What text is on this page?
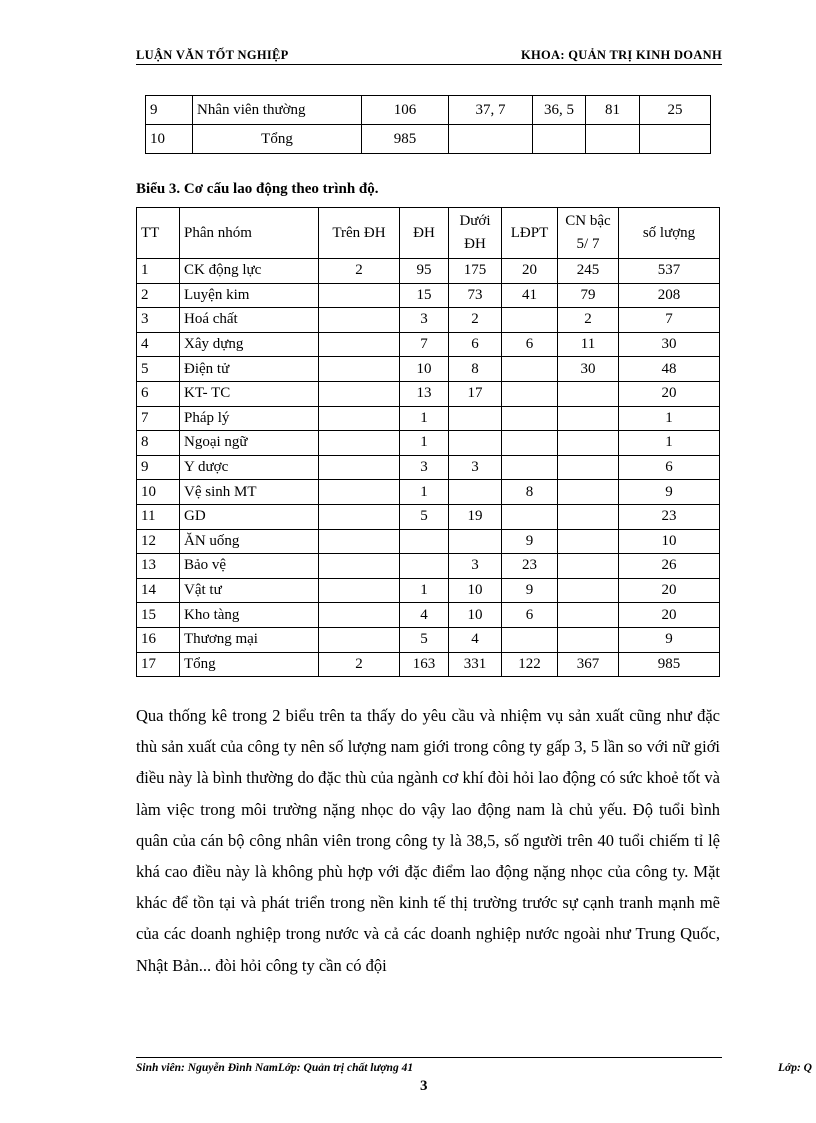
LUẬN VĂN TỐT NGHIỆP	KHOA: QUẢN TRỊ KINH DOANH
9	Nhân viên thường	106	37, 7	36, 5	81	25
10	Tổng	985				
Biểu 3. Cơ cấu lao động theo trình độ.
TT	Phân nhóm	Trên ĐH	ĐH	Dưới ĐH	LĐPT	CN bậc 5/ 7	số lượng
1	CK động lực	2	95	175	20	245	537
2	Luyện kim		15	73	41	79	208
3	Hoá chất		3	2		2	7
4	Xây dựng		7	6	6	11	30
5	Điện tử		10	8		30	48
6	KT- TC		13	17			20
7	Pháp lý		1				1
8	Ngoại ngữ		1				1
9	Y dược		3	3			6
10	Vệ sinh MT		1		8		9
11	GD		5	19			23
12	ĂN uống				9		10
13	Bảo vệ			3	23		26
14	Vật tư		1	10	9		20
15	Kho tàng		4	10	6		20
16	Thương mại		5	4			9
17	Tổng	2	163	331	122	367	985

Qua thống kê trong 2 biểu trên ta thấy do yêu cầu và nhiệm vụ sản xuất cũng như đặc thù sản xuất của công ty nên số lượng nam giới trong công ty gấp 3, 5 lần so với nữ giới điều này là bình thường do đặc thù của ngành cơ khí đòi hỏi lao động có sức khoẻ tốt và làm việc trong môi trường nặng nhọc do vậy lao động nam là chủ yếu. Độ tuổi bình quân của cán bộ công nhân viên trong công ty là 38,5, số người trên 40 tuổi chiếm tỉ lệ khá cao điều này là không phù hợp với đặc điểm lao động nặng nhọc của công ty. Mặt khác để tồn tại và phát triển trong nền kinh tế thị trường trước sự cạnh tranh mạnh mẽ của các doanh nghiệp trong nước và cả các doanh nghiệp nước ngoài như Trung Quốc, Nhật Bản... đòi hỏi công ty cần có đội

Sinh viên: Nguyễn Đình NamLớp: Quản trị chất lượng 41	Lớp: Q
3
